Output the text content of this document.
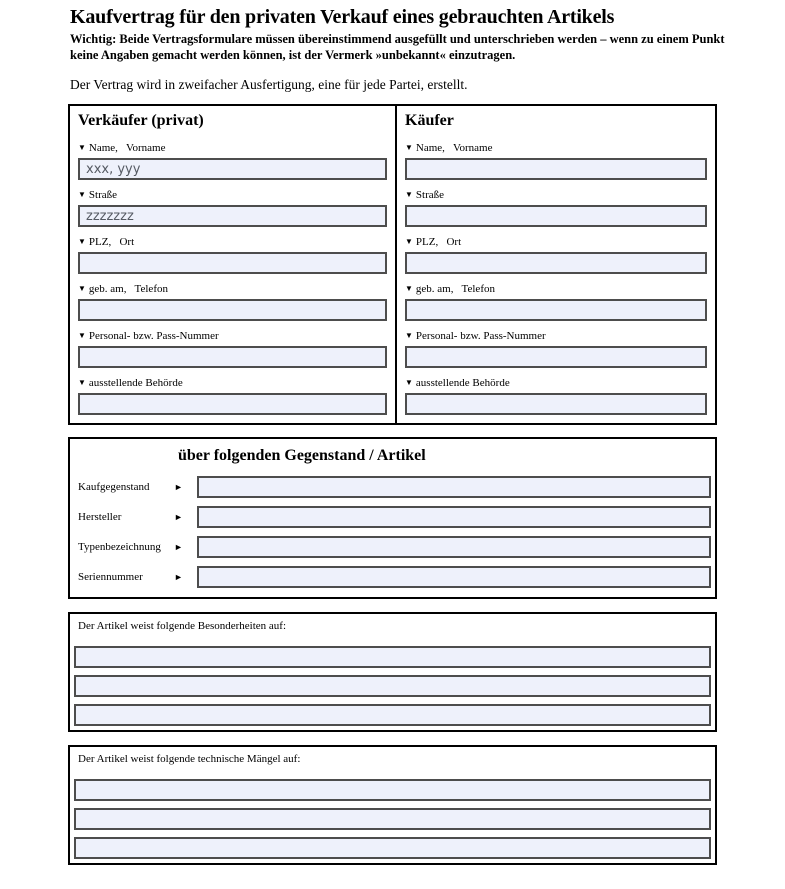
Kaufvertrag für den privaten Verkauf eines gebrauchten Artikels

Wichtig: Beide Vertragsformulare müssen übereinstimmend ausgefüllt und unterschrieben werden – wenn zu einem Punkt keine Angaben gemacht werden können, ist der Vermerk »unbekannt« einzutragen.

Der Vertrag wird in zweifacher Ausfertigung, eine für jede Partei, erstellt.

Verkäufer (privat)
▼ Name,   Vorname
xxx, yyy
▼ Straße
zzzzzzz
▼ PLZ,   Ort
▼ geb. am,   Telefon
▼ Personal- bzw. Pass-Nummer
▼ ausstellende Behörde
Käufer
▼ Name,   Vorname
▼ Straße
▼ PLZ,   Ort
▼ geb. am,   Telefon
▼ Personal- bzw. Pass-Nummer
▼ ausstellende Behörde
über folgenden Gegenstand / Artikel
Kaufgegenstand	►
Hersteller	►
Typenbezeichnung	►
Seriennummer	►
Der Artikel weist folgende Besonderheiten auf:
Der Artikel weist folgende technische Mängel auf:
